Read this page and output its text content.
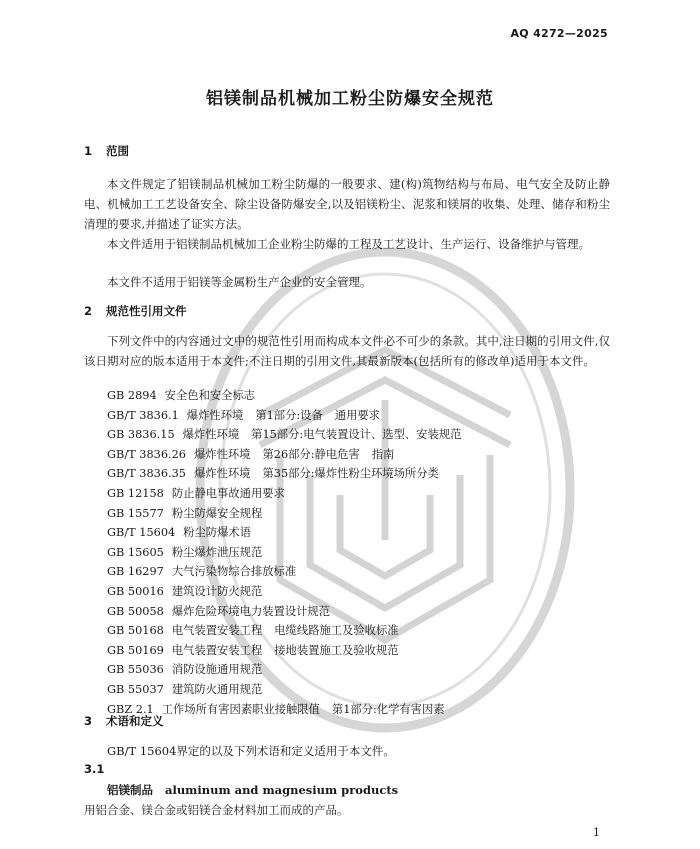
AQ 4272—2025
铝镁制品机械加工粉尘防爆安全规范
1 范围
本文件规定了铝镁制品机械加工粉尘防爆的一般要求、建(构)筑物结构与布局、电气安全及防止静电、机械加工工艺设备安全、除尘设备防爆安全,以及铝镁粉尘、泥浆和镁屑的收集、处理、储存和粉尘清理的要求,并描述了证实方法。
本文件适用于铝镁制品机械加工企业粉尘防爆的工程及工艺设计、生产运行、设备维护与管理。
本文件不适用于铝镁等金属粉生产企业的安全管理。
2 规范性引用文件
下列文件中的内容通过文中的规范性引用而构成本文件必不可少的条款。其中,注日期的引用文件,仅该日期对应的版本适用于本文件;不注日期的引用文件,其最新版本(包括所有的修改单)适用于本文件。
GB 2894 安全色和安全标志
GB/T 3836.1 爆炸性环境 第1部分:设备 通用要求
GB 3836.15 爆炸性环境 第15部分:电气装置设计、选型、安装规范
GB/T 3836.26 爆炸性环境 第26部分:静电危害 指南
GB/T 3836.35 爆炸性环境 第35部分:爆炸性粉尘环境场所分类
GB 12158 防止静电事故通用要求
GB 15577 粉尘防爆安全规程
GB/T 15604 粉尘防爆术语
GB 15605 粉尘爆炸泄压规范
GB 16297 大气污染物综合排放标准
GB 50016 建筑设计防火规范
GB 50058 爆炸危险环境电力装置设计规范
GB 50168 电气装置安装工程 电缆线路施工及验收标准
GB 50169 电气装置安装工程 接地装置施工及验收规范
GB 55036 消防设施通用规范
GB 55037 建筑防火通用规范
GBZ 2.1 工作场所有害因素职业接触限值 第1部分:化学有害因素
3 术语和定义
GB/T 15604界定的以及下列术语和定义适用于本文件。
3.1
铝镁制品 aluminum and magnesium products
用铝合金、镁合金或铝镁合金材料加工而成的产品。
1
